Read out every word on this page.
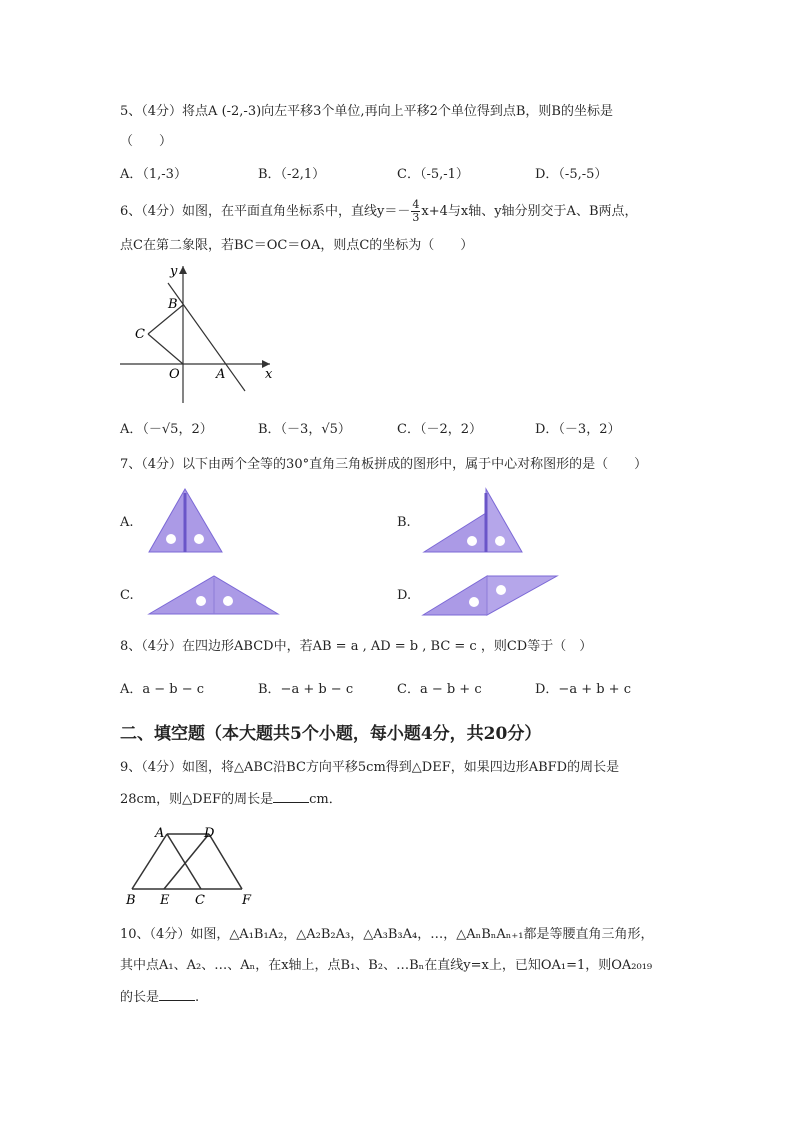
5、（4分）将点A (-2,-3)向左平移3个单位,再向上平移2个单位得到点B，则B的坐标是
（　　）
A．（1,-3）	B．（-2,1）	C．（-5,-1）	D．（-5,-5）
6、（4分）如图，在平面直角坐标系中，直线$y=- \frac{4}{3} x+4$与x轴、y轴分别交于A、B两点，
点C在第二象限，若BC＝OC＝OA，则点C的坐标为（　　）
y
x
B
C
O	A
A．（－√5，2）	B．（－3，√5）	C．（－2，2）	D．（－3，2）
7、（4分）以下由两个全等的30°直角三角板拼成的图形中，属于中心对称图形的是（　　）
A.	B.
C.	D.
8、（4分）在四边形ABCD中，若AB = a , AD = b , BC = c ，则CD等于（　）
A．a − b − c	B．−a + b − c	C．a − b + c	D．−a + b + c
二、填空题（本大题共5个小题，每小题4分，共20分）
9、（4分）如图，将△ABC沿BC方向平移5cm得到△DEF，如果四边形ABFD的周长是
28cm，则△DEF的周长是	cm．
A	D
B E C	F
10、（4分）如图，△A₁B₁A₂，△A₂B₂A₃，△A₃B₃A₄，…，△AₙBₙAₙ₊₁都是等腰直角三角形，
其中点A₁、A₂、…、Aₙ，在x轴上，点B₁、B₂、…Bₙ在直线y=x上，已知OA₁=1，则OA₂₀₁₉
的长是	.
